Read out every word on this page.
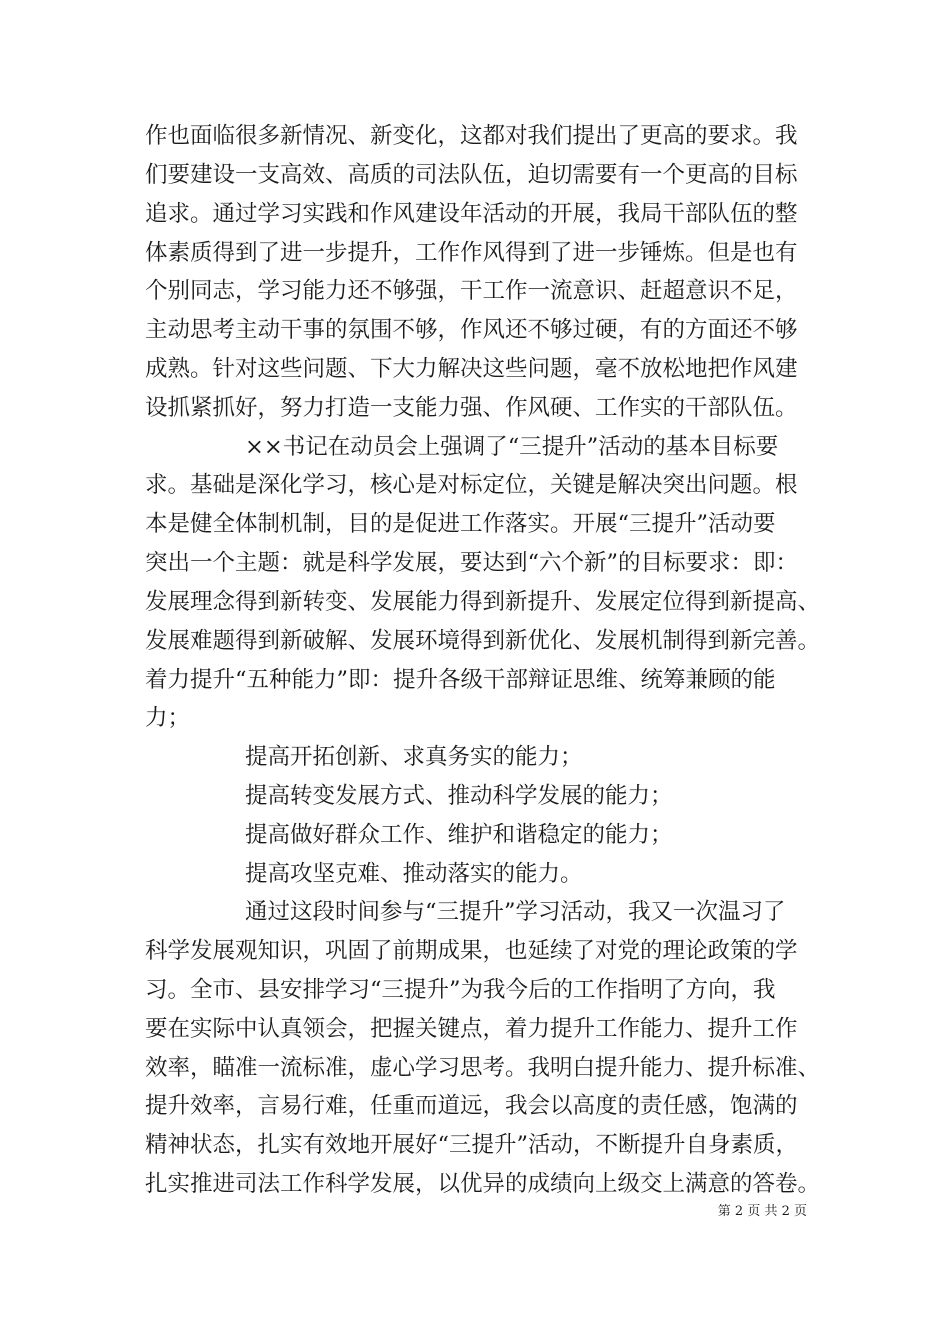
作也面临很多新情况、新变化，这都对我们提出了更高的要求。我
们要建设一支高效、高质的司法队伍，迫切需要有一个更高的目标
追求。通过学习实践和作风建设年活动的开展，我局干部队伍的整
体素质得到了进一步提升，工作作风得到了进一步锤炼。但是也有
个别同志，学习能力还不够强，干工作一流意识、赶超意识不足，
主动思考主动干事的氛围不够，作风还不够过硬，有的方面还不够
成熟。针对这些问题、下大力解决这些问题，毫不放松地把作风建
设抓紧抓好，努力打造一支能力强、作风硬、工作实的干部队伍。
××书记在动员会上强调了“三提升”活动的基本目标要
求。基础是深化学习，核心是对标定位，关键是解决突出问题。根
本是健全体制机制，目的是促进工作落实。开展“三提升”活动要
突出一个主题：就是科学发展，要达到“六个新”的目标要求：即：
发展理念得到新转变、发展能力得到新提升、发展定位得到新提高、
发展难题得到新破解、发展环境得到新优化、发展机制得到新完善。
着力提升“五种能力”即：提升各级干部辩证思维、统筹兼顾的能
力；
提高开拓创新、求真务实的能力；
提高转变发展方式、推动科学发展的能力；
提高做好群众工作、维护和谐稳定的能力；
提高攻坚克难、推动落实的能力。
通过这段时间参与“三提升”学习活动，我又一次温习了
科学发展观知识，巩固了前期成果，也延续了对党的理论政策的学
习。全市、县安排学习“三提升”为我今后的工作指明了方向，我
要在实际中认真领会，把握关键点，着力提升工作能力、提升工作
效率，瞄准一流标准，虚心学习思考。我明白提升能力、提升标准、
提升效率，言易行难，任重而道远，我会以高度的责任感，饱满的
精神状态，扎实有效地开展好“三提升”活动，不断提升自身素质，
扎实推进司法工作科学发展，以优异的成绩向上级交上满意的答卷。
第 2 页 共 2 页
